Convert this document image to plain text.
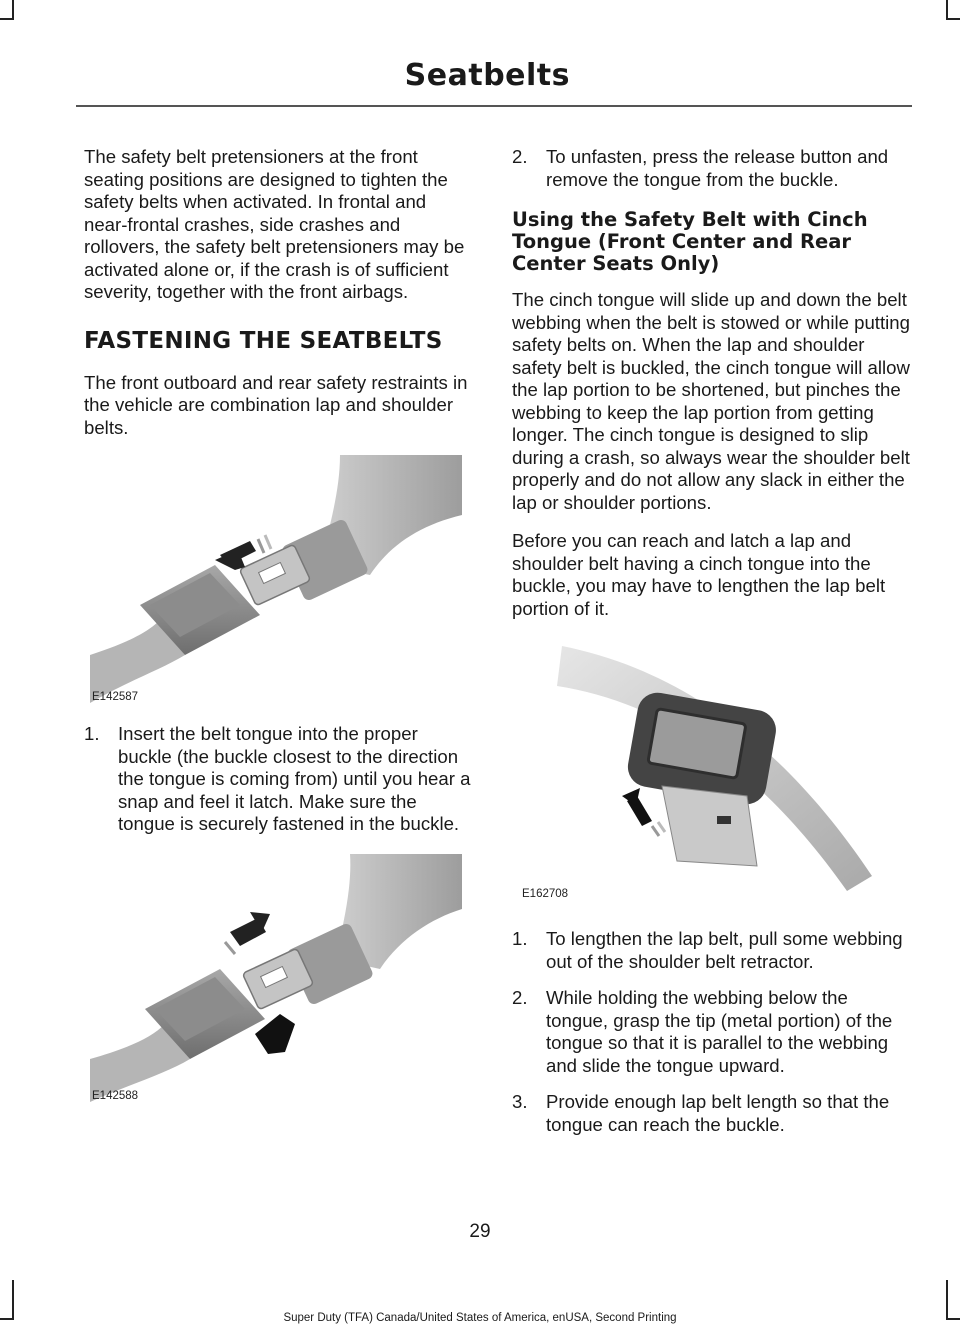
Seatbelts

The safety belt pretensioners at the front seating positions are designed to tighten the safety belts when activated. In frontal and near-frontal crashes, side crashes and rollovers, the safety belt pretensioners may be activated alone or, if the crash is of sufficient severity, together with the front airbags.

FASTENING THE SEATBELTS

The front outboard and rear safety restraints in the vehicle are combination lap and shoulder belts.

E142587
1. Insert the belt tongue into the proper buckle (the buckle closest to the direction the tongue is coming from) until you hear a snap and feel it latch. Make sure the tongue is securely fastened in the buckle.
E142588
2. To unfasten, press the release button and remove the tongue from the buckle.
Using the Safety Belt with Cinch Tongue (Front Center and Rear Center Seats Only)

The cinch tongue will slide up and down the belt webbing when the belt is stowed or while putting safety belts on. When the lap and shoulder safety belt is buckled, the cinch tongue will allow the lap portion to be shortened, but pinches the webbing to keep the lap portion from getting longer. The cinch tongue is designed to slip during a crash, so always wear the shoulder belt properly and do not allow any slack in either the lap or shoulder portions.

Before you can reach and latch a lap and shoulder belt having a cinch tongue into the buckle, you may have to lengthen the lap belt portion of it.

E162708
1. To lengthen the lap belt, pull some webbing out of the shoulder belt retractor.
2. While holding the webbing below the tongue, grasp the tip (metal portion) of the tongue so that it is parallel to the webbing and slide the tongue upward.
3. Provide enough lap belt length so that the tongue can reach the buckle.
29
Super Duty (TFA) Canada/United States of America, enUSA, Second Printing
